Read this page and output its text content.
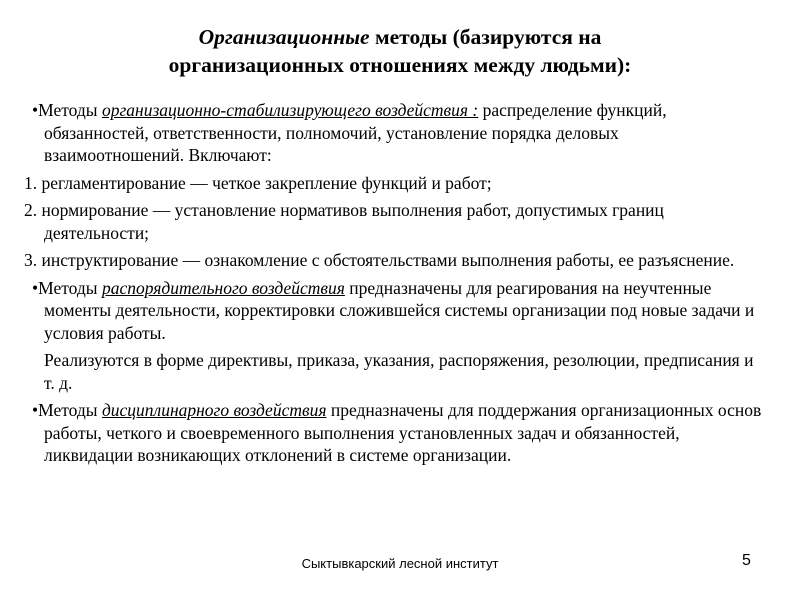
Организационные методы (базируются на
организационных отношениях между людьми):

•Методы организационно-стабилизирующего воздействия : распределение функций, обязанностей, ответственности, полномочий, установление порядка деловых взаимоотношений. Включают:

1. регламентирование — четкое закрепление функций и работ;

2. нормирование — установление нормативов выполнения работ, допустимых границ деятельности;

3. инструктирование — ознакомление с обстоятельствами выполнения работы, ее разъяснение.

•Методы распорядительного воздействия предназначены для реагирования на неучтенные моменты деятельности, корректировки сложившейся системы организации под новые задачи и условия работы.

Реализуются в форме директивы, приказа, указания, распоряжения, резолюции, предписания и т. д.

•Методы дисциплинарного воздействия предназначены для поддержания организационных основ работы, четкого и своевременного выполнения установленных задач и обязанностей, ликвидации возникающих отклонений в системе организации.

Сыктывкарский лесной институт	5
